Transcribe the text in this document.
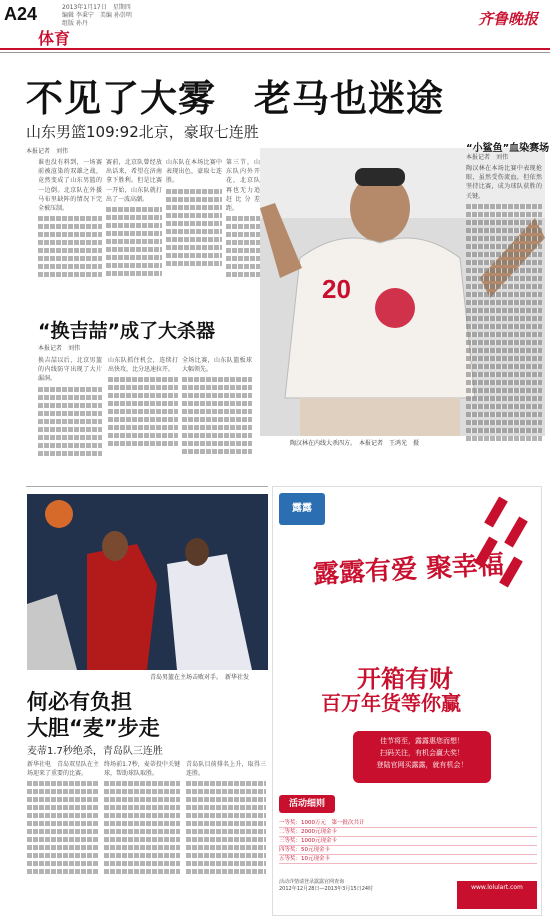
A24	2013年1月17日　星期四
编辑 李秉宁　美编 孙崇明
组版 孙丹
体育
齐鲁晚报
不见了大雾　老马也迷途
山东男篮109:92北京，豪取七连胜
本报记者　刘伟
谁也没有料到，一场赛前被渲染的双雄之战，竟然变成了山东男篮的一边倒。北京队在外援马布里缺阵的情况下完全被压制。
赛前，北京队曾经放出话来，希望在济南拿下胜利。但是比赛一开始，山东队就打出了一波高潮。
山东队在本场比赛中表现出色，豪取七连胜。
第三节，山东队内外开花，北京队再也无力追赶比分差距。
“换吉喆”成了大杀器
本报记者　刘伟
换吉喆以后，北京男篮的内线防守出现了大片漏洞。
山东队抓住机会，连续打出快攻，比分迅速拉开。
全场比赛，山东队篮板球大幅领先。
20
陶汉林在内线大杀四方。　本报记者　王鸿光　摄
“小鲨鱼”血染赛场
本报记者　刘伟
陶汉林在本场比赛中表现抢眼，虽然受伤流血，但依然坚持比赛，成为球队获胜的关键。
青岛男篮在主场击败对手。　新华社发
何必有负担
大胆“麦”步走
麦蒂1.7秒绝杀，青岛队三连胜
新华社电　青岛双星队在主场迎来了重要的比赛。
终场前1.7秒，麦蒂投中关键球，帮助球队取胜。
青岛队目前排名上升，取得三连胜。
露露
露露有爱 聚幸福
开箱有财
百万年货等你赢
佳节将至，露露惠您而想！
扫码关注，有机会赢大奖！
登陆官网买露露，就有机会！
活动细则
一等奖：1000万元　第一批次共计
二等奖：2000元现金卡
三等奖：1000元现金卡
四等奖：50元现金卡
五等奖：10元现金卡
活动详情请登录露露官网查询
2012年12月28日—2013年3月15日24时	www.lolulart.com
